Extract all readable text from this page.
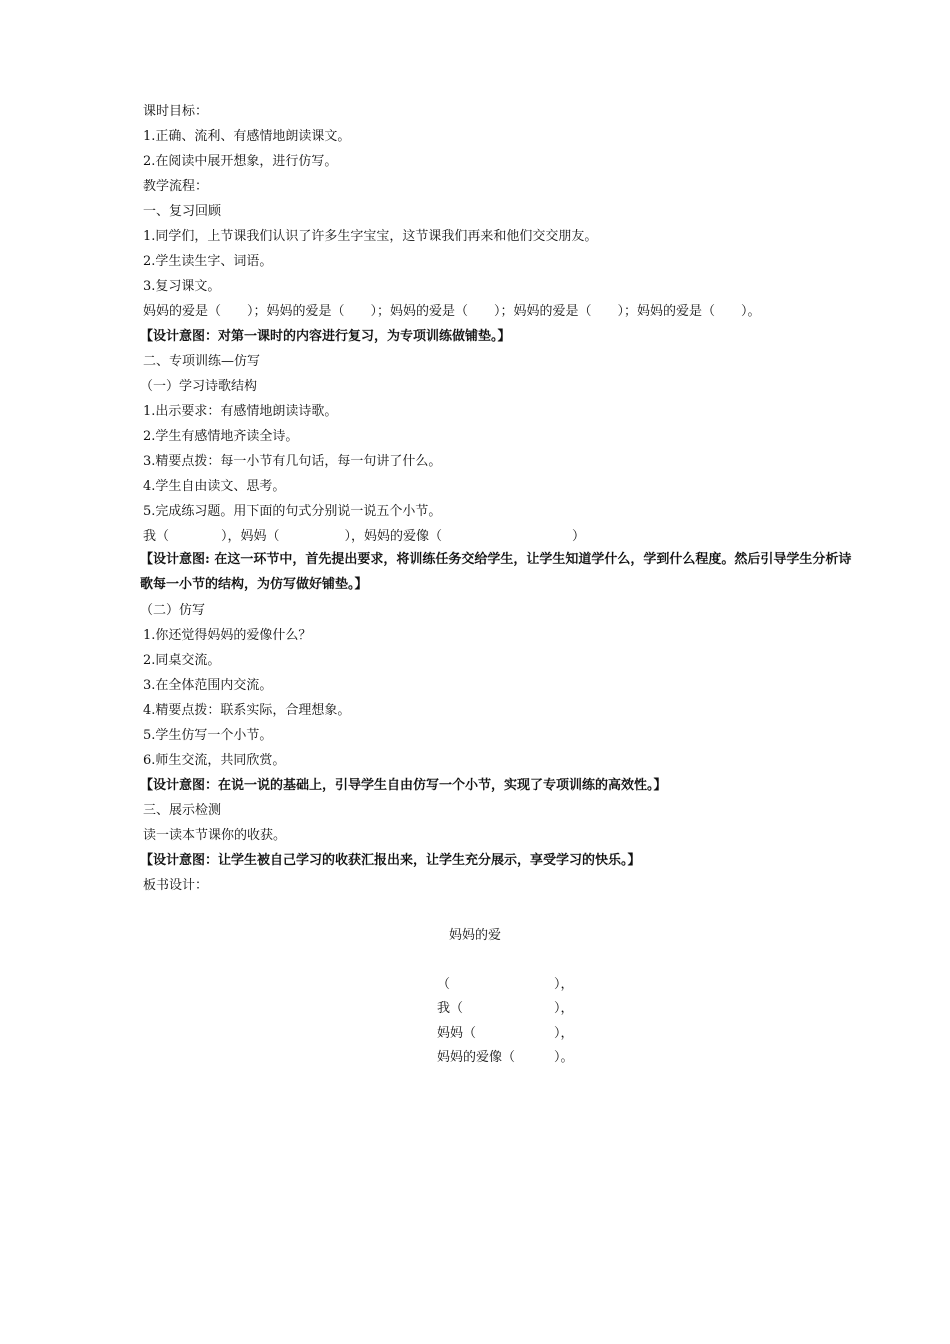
课时目标：
1.正确、流利、有感情地朗读课文。
2.在阅读中展开想象，进行仿写。
教学流程：
一、复习回顾
1.同学们，上节课我们认识了许多生字宝宝，这节课我们再来和他们交交朋友。
2.学生读生字、词语。
3.复习课文。
妈妈的爱是（　　）；妈妈的爱是（　　）；妈妈的爱是（　　）；妈妈的爱是（　　）；妈妈的爱是（　　）。
【设计意图：对第一课时的内容进行复习，为专项训练做铺垫。】
二、专项训练—仿写
（一）学习诗歌结构
1.出示要求：有感情地朗读诗歌。
2.学生有感情地齐读全诗。
3.精要点拨：每一小节有几句话，每一句讲了什么。
4.学生自由读文、思考。
5.完成练习题。用下面的句式分别说一说五个小节。
我（　　　　），妈妈（　　　　　），妈妈的爱像（　　　　　　　　　　）
【设计意图: 在这一环节中，首先提出要求，将训练任务交给学生，让学生知道学什么，学到什么程度。然后引导学生分析诗歌每一小节的结构，为仿写做好铺垫。】
（二）仿写
1.你还觉得妈妈的爱像什么？
2.同桌交流。
3.在全体范围内交流。
4.精要点拨：联系实际，合理想象。
5.学生仿写一个小节。
6.师生交流，共同欣赏。
【设计意图：在说一说的基础上，引导学生自由仿写一个小节，实现了专项训练的高效性。】
三、展示检测
读一读本节课你的收获。
【设计意图：让学生被自己学习的收获汇报出来，让学生充分展示，享受学习的快乐。】
板书设计：
妈妈的爱
（　　　　　　　　），
我（　　　　　　　），
妈妈（　　　　　　），
妈妈的爱像（　　　）。
